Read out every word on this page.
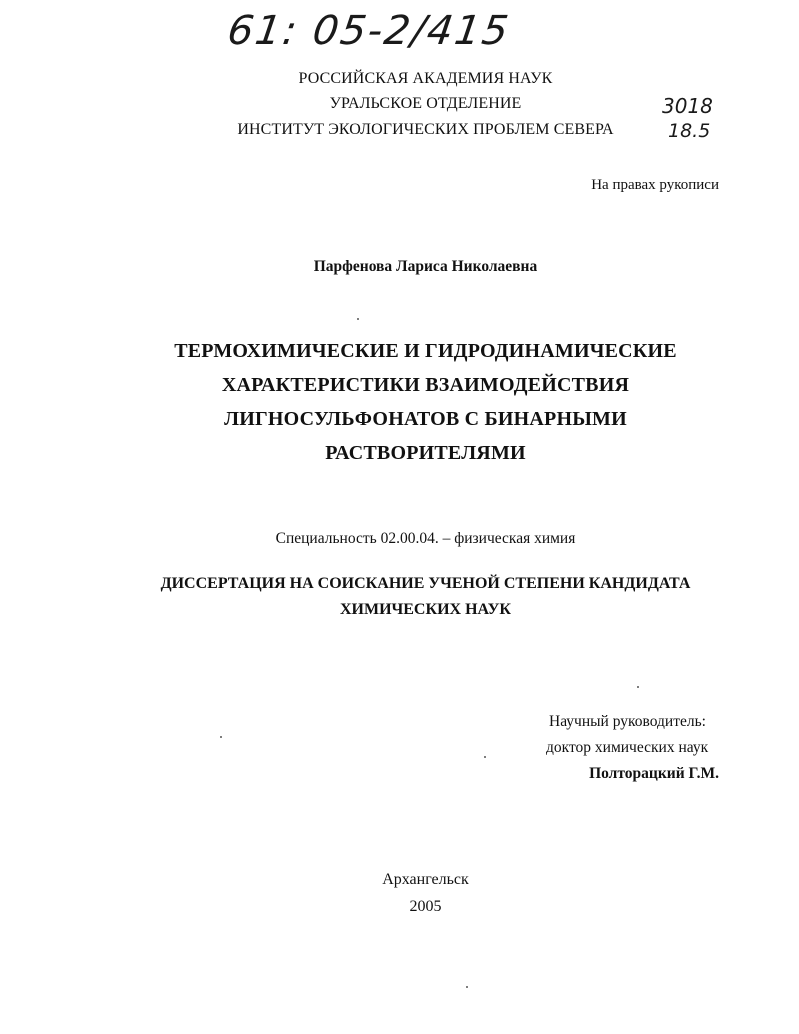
61: 05-2/415
3018
18.5
РОССИЙСКАЯ АКАДЕМИЯ НАУК
УРАЛЬСКОЕ ОТДЕЛЕНИЕ
ИНСТИТУТ ЭКОЛОГИЧЕСКИХ ПРОБЛЕМ СЕВЕРА
На правах рукописи
Парфенова Лариса Николаевна
ТЕРМОХИМИЧЕСКИЕ И ГИДРОДИНАМИЧЕСКИЕ
ХАРАКТЕРИСТИКИ ВЗАИМОДЕЙСТВИЯ
ЛИГНОСУЛЬФОНАТОВ С БИНАРНЫМИ
РАСТВОРИТЕЛЯМИ
Специальность 02.00.04. – физическая химия
ДИССЕРТАЦИЯ НА СОИСКАНИЕ УЧЕНОЙ СТЕПЕНИ КАНДИДАТА
ХИМИЧЕСКИХ НАУК
Научный руководитель:
доктор химических наук
Полторацкий Г.М.
Архангельск
2005
